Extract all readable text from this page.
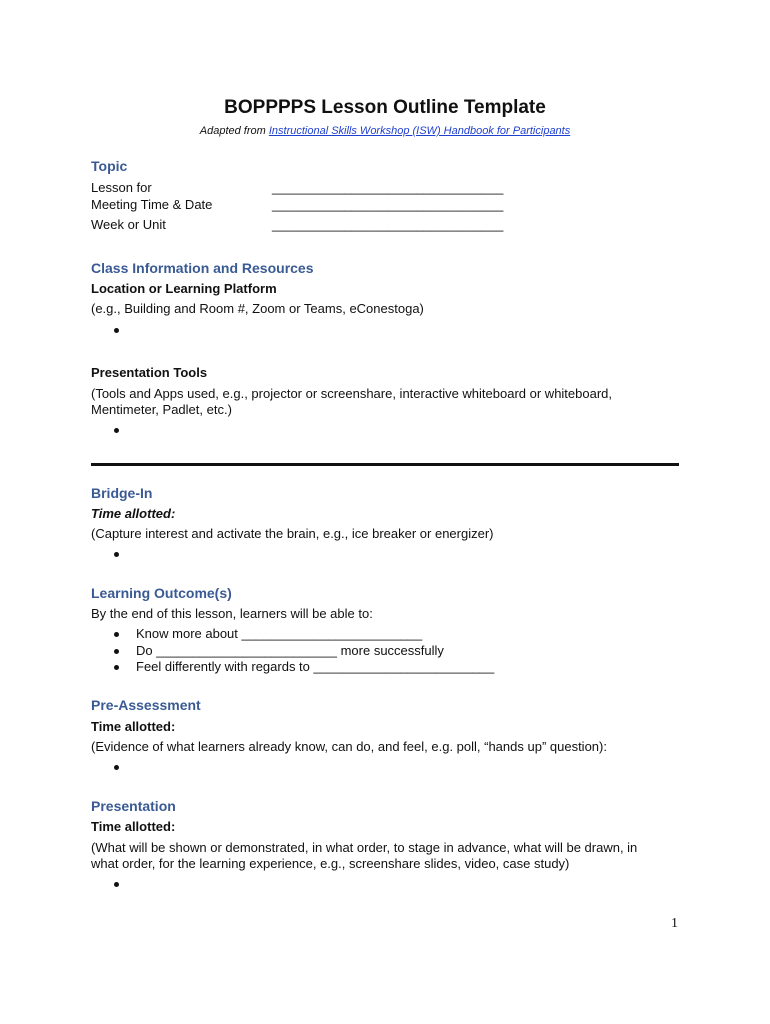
BOPPPPS Lesson Outline Template
Adapted from Instructional Skills Workshop (ISW) Handbook for Participants
Topic
Lesson for	________________________________
Meeting Time & Date	________________________________
Week or Unit	________________________________
Class Information and Resources
Location or Learning Platform
(e.g., Building and Room #, Zoom or Teams, eConestoga)
Presentation Tools
(Tools and Apps used, e.g., projector or screenshare, interactive whiteboard or whiteboard,
Mentimeter, Padlet, etc.)
Bridge-In
Time allotted:
(Capture interest and activate the brain, e.g., ice breaker or energizer)
Learning Outcome(s)
By the end of this lesson, learners will be able to:
Know more about _________________________
Do _________________________ more successfully
Feel differently with regards to _________________________
Pre-Assessment
Time allotted:
(Evidence of what learners already know, can do, and feel, e.g. poll, “hands up” question):
Presentation
Time allotted:
(What will be shown or demonstrated, in what order, to stage in advance, what will be drawn, in
what order, for the learning experience, e.g., screenshare slides, video, case study)
1
